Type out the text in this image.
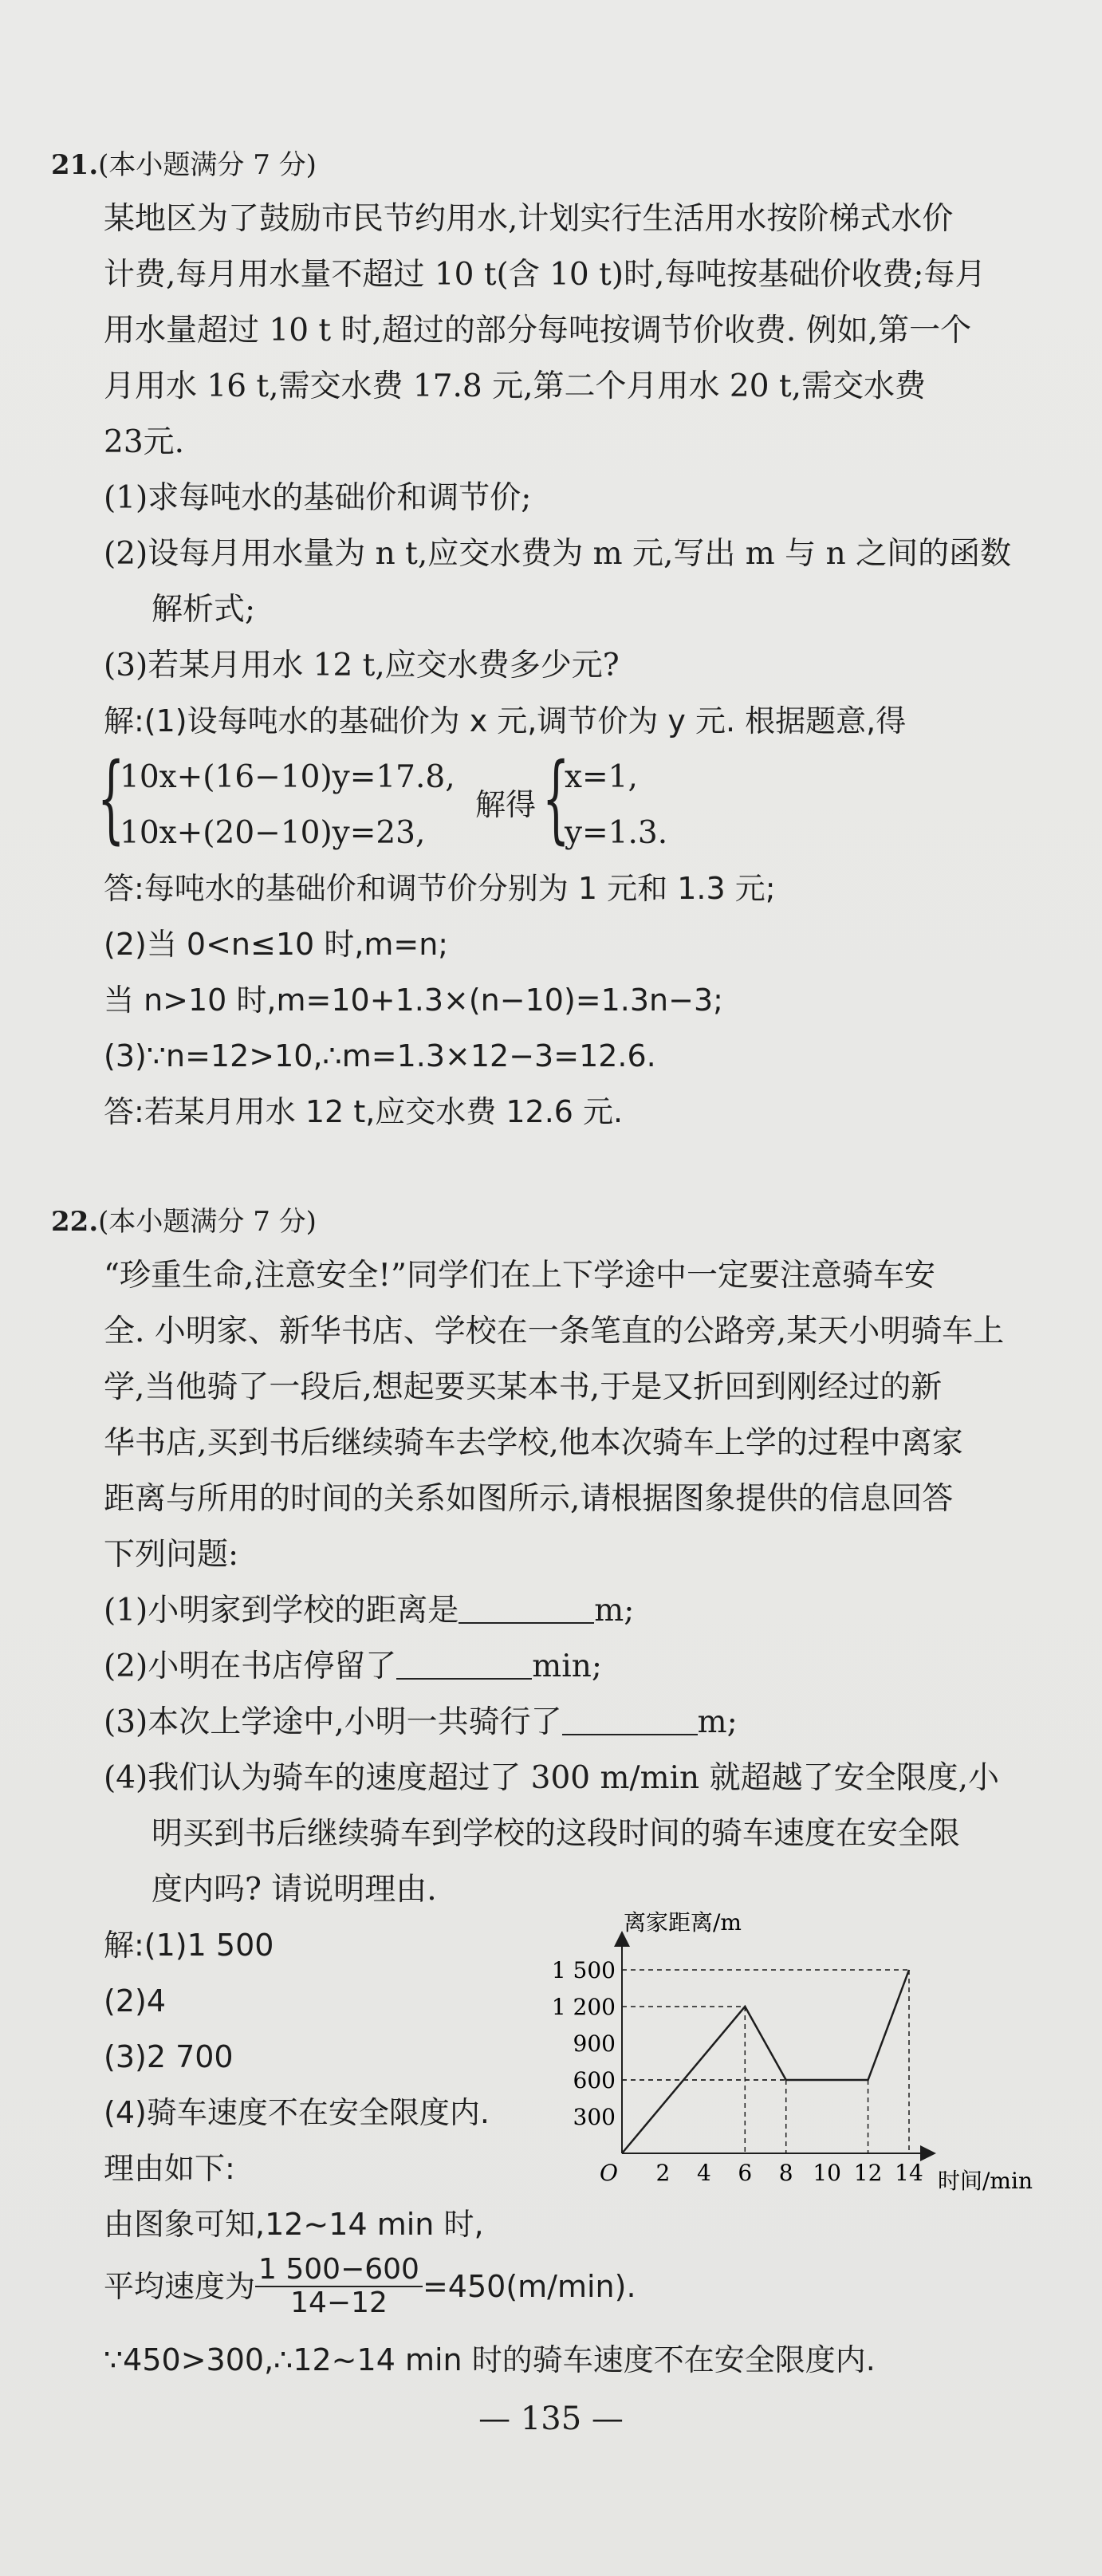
21.(本小题满分 7 分)
某地区为了鼓励市民节约用水,计划实行生活用水按阶梯式水价
计费,每月用水量不超过 10 t(含 10 t)时,每吨按基础价收费;每月
用水量超过 10 t 时,超过的部分每吨按调节价收费. 例如,第一个
月用水 16 t,需交水费 17.8 元,第二个月用水 20 t,需交水费
23元.
(1)求每吨水的基础价和调节价;
(2)设每月用水量为 n t,应交水费为 m 元,写出 m 与 n 之间的函数
解析式;
(3)若某月用水 12 t,应交水费多少元?
解:(1)设每吨水的基础价为 x 元,调节价为 y 元. 根据题意,得
{
10x+(16−10)y=17.8,
10x+(20−10)y=23,
解得 {
x=1,
y=1.3.
答:每吨水的基础价和调节价分别为 1 元和 1.3 元;
(2)当 0<n≤10 时,m=n;
当 n>10 时,m=10+1.3×(n−10)=1.3n−3;
(3)∵n=12>10,∴m=1.3×12−3=12.6.
答:若某月用水 12 t,应交水费 12.6 元.
22.(本小题满分 7 分)
“珍重生命,注意安全!”同学们在上下学途中一定要注意骑车安
全. 小明家、新华书店、学校在一条笔直的公路旁,某天小明骑车上
学,当他骑了一段后,想起要买某本书,于是又折回到刚经过的新
华书店,买到书后继续骑车去学校,他本次骑车上学的过程中离家
距离与所用的时间的关系如图所示,请根据图象提供的信息回答
下列问题:
(1)小明家到学校的距离是	m;
(2)小明在书店停留了	min;
(3)本次上学途中,小明一共骑行了	m;
(4)我们认为骑车的速度超过了 300 m/min 就超越了安全限度,小
明买到书后继续骑车到学校的这段时间的骑车速度在安全限
度内吗? 请说明理由.
解:(1)1 500
(2)4
(3)2 700
(4)骑车速度不在安全限度内.
理由如下:
由图象可知,12~14 min 时,
平均速度为 $\frac{1 500-600}{14-12} =450(m/\min)$.
∵450>300,∴12~14 min 时的骑车速度不在安全限度内.
离家距离/m
时间/min
O 2 4 6 8 10 12 14
300
600
900
1 200
1 500
— 135 —
